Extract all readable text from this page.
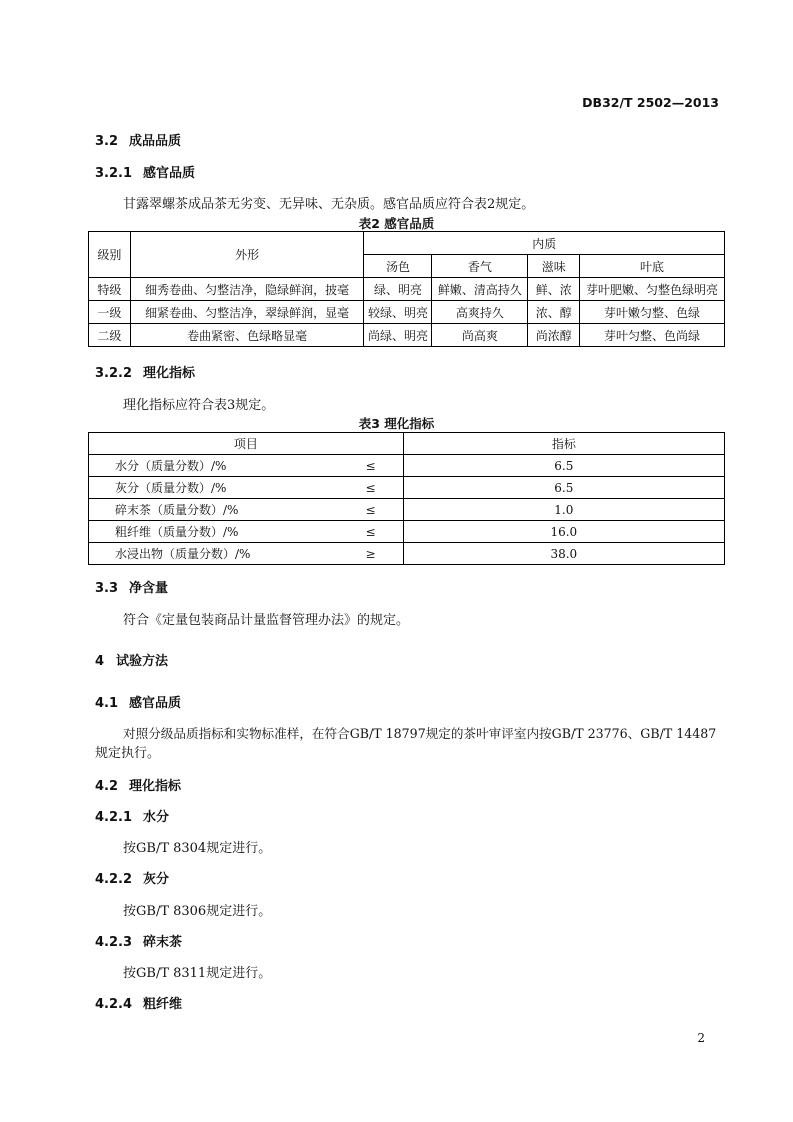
DB32/T 2502—2013
3.2 成品品质
3.2.1 感官品质
甘露翠螺茶成品茶无劣变、无异味、无杂质。感官品质应符合表2规定。
表2 感官品质
级别	外形	内质			
		汤色	香气	滋味	叶底
特级	细秀卷曲、匀整洁净，隐绿鲜润，披毫	绿、明亮	鲜嫩、清高持久	鲜、浓	芽叶肥嫩、匀整色绿明亮
一级	细紧卷曲、匀整洁净，翠绿鲜润，显毫	较绿、明亮	高爽持久	浓、醇	芽叶嫩匀整、色绿
二级	卷曲紧密、色绿略显毫	尚绿、明亮	尚高爽	尚浓醇	芽叶匀整、色尚绿
3.2.2 理化指标
理化指标应符合表3规定。
表3 理化指标
项目		指标
水分（质量分数）/%	≤	6.5
灰分（质量分数）/%	≤	6.5
碎末茶（质量分数）/%	≤	1.0
粗纤维（质量分数）/%	≤	16.0
水浸出物（质量分数）/%	≥	38.0
3.3 净含量
符合《定量包装商品计量监督管理办法》的规定。
4 试验方法
4.1 感官品质
对照分级品质指标和实物标准样，在符合GB/T 18797规定的茶叶审评室内按GB/T 23776、GB/T 14487
规定执行。
4.2 理化指标
4.2.1 水分
按GB/T 8304规定进行。
4.2.2 灰分
按GB/T 8306规定进行。
4.2.3 碎末茶
按GB/T 8311规定进行。
4.2.4 粗纤维
2
